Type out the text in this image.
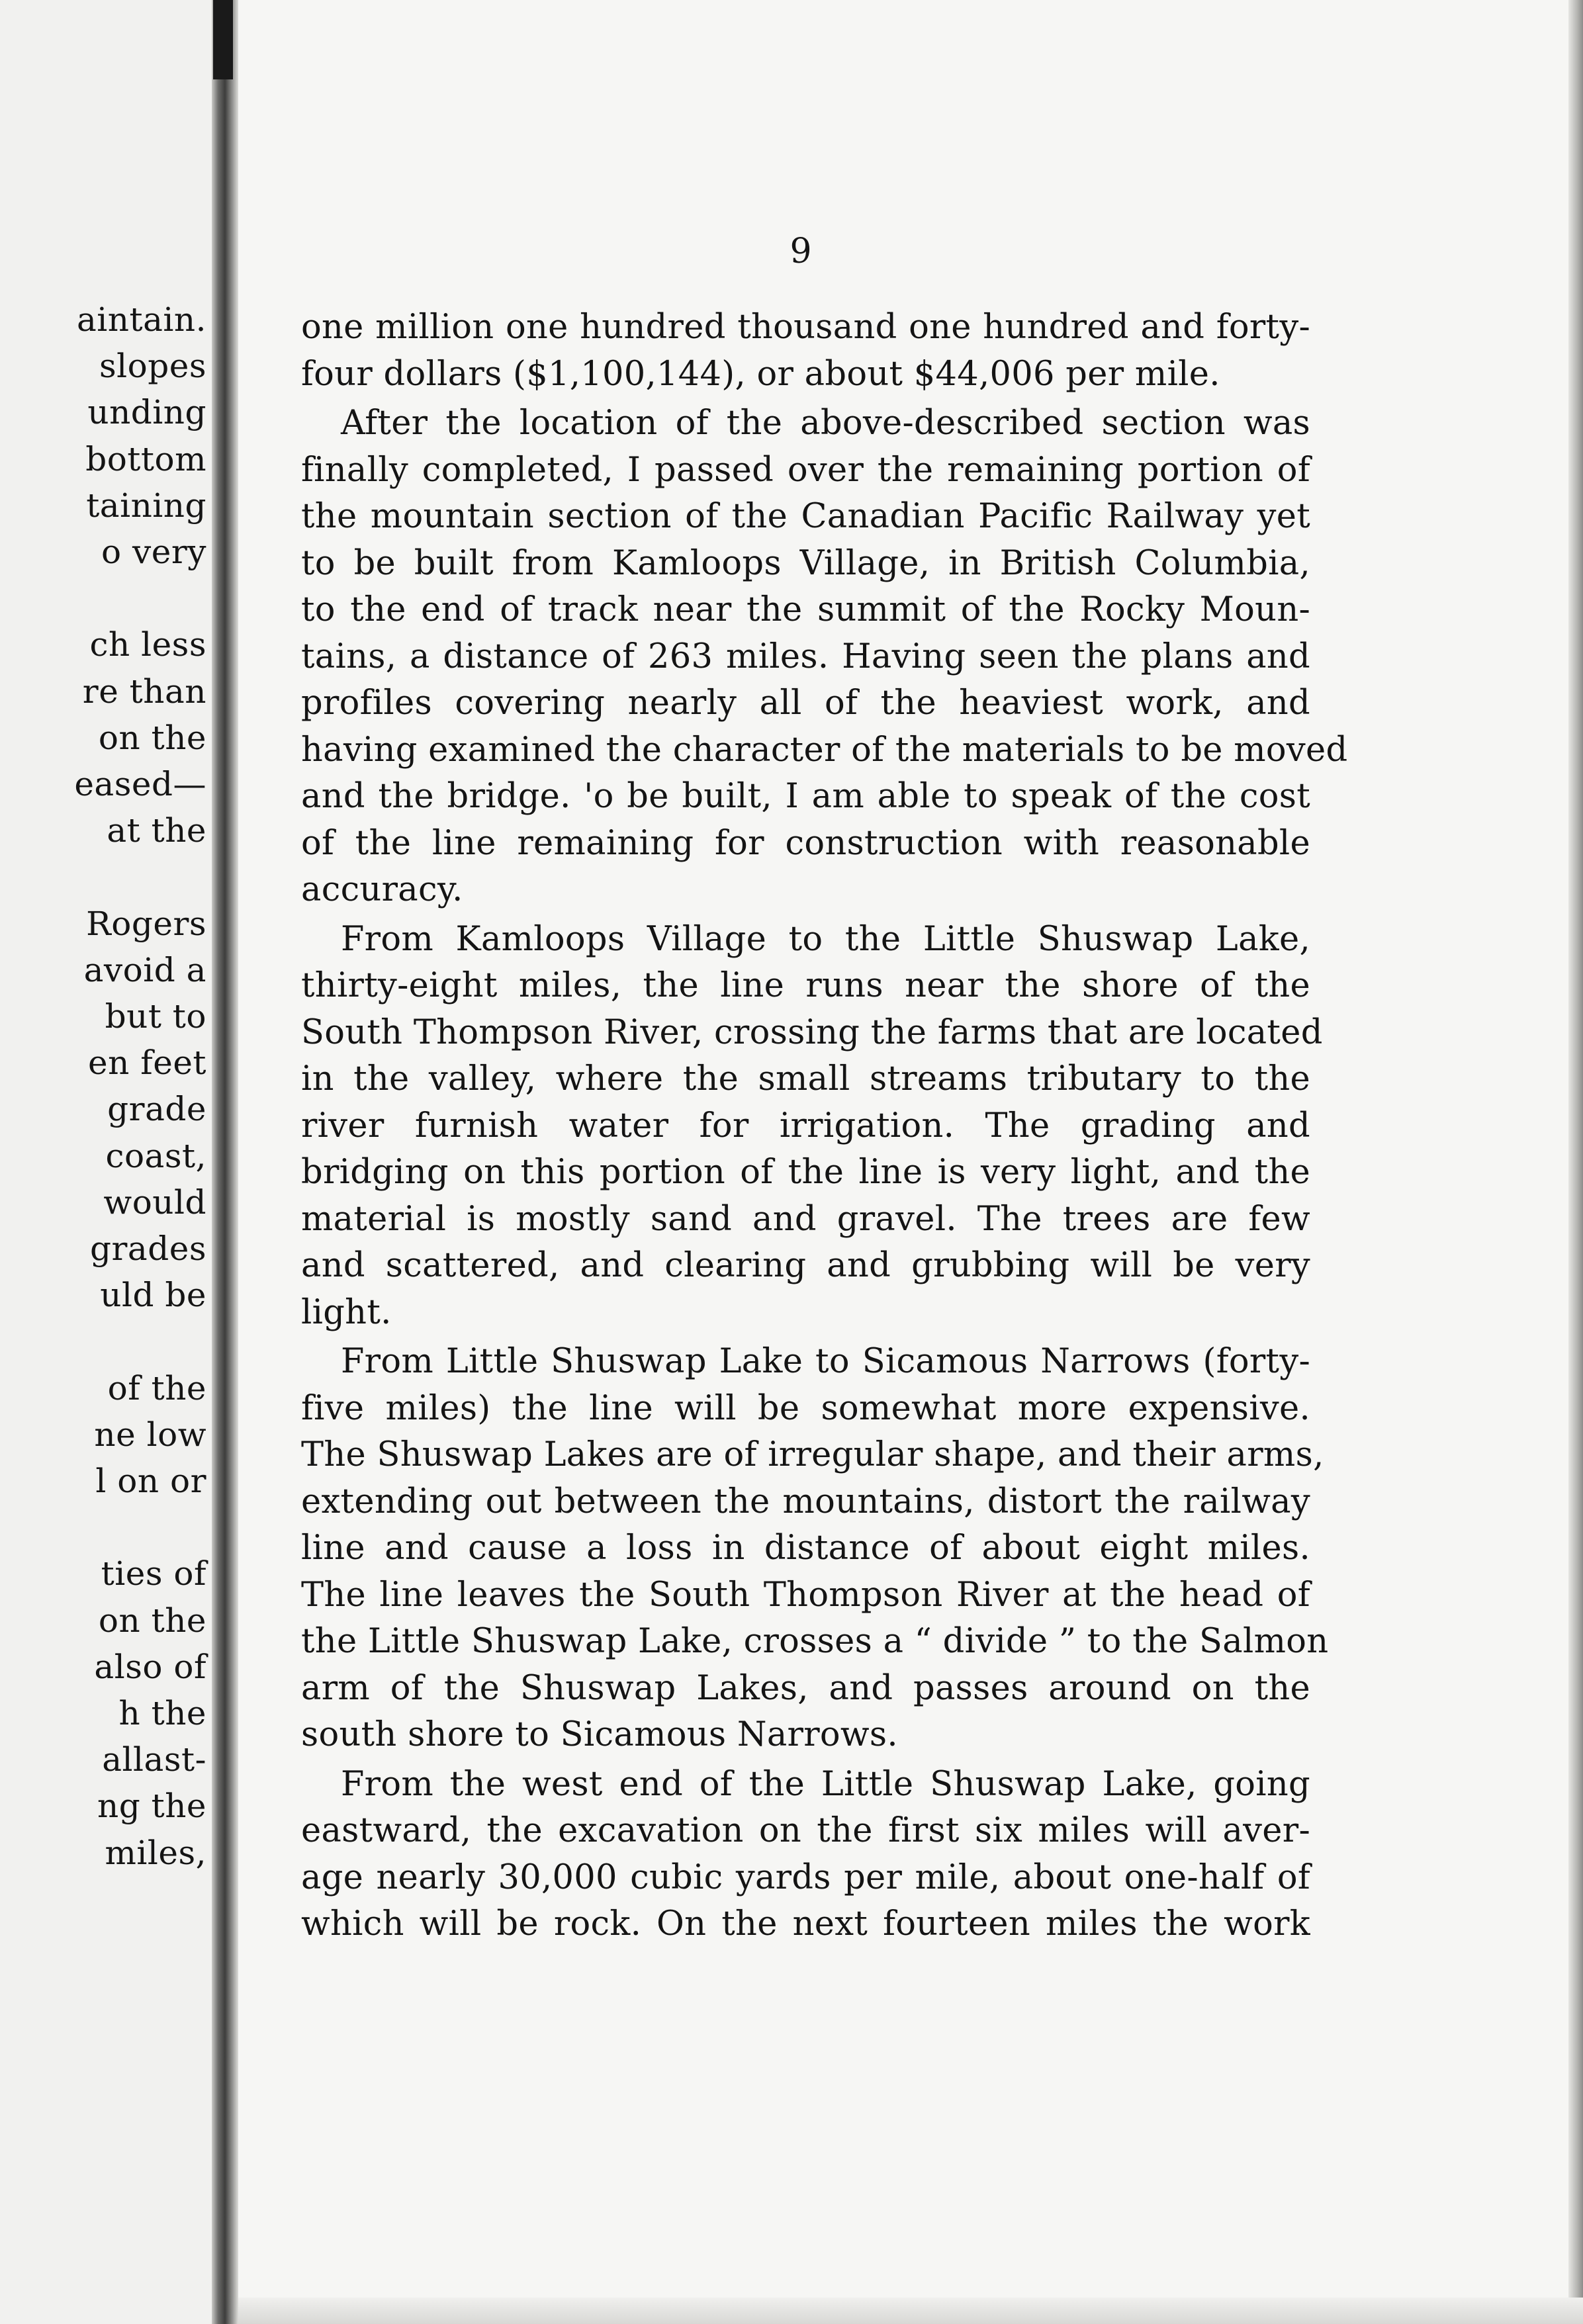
aintain.
slopes
unding
bottom
taining
o very
ch less
re than
on the
eased—
at the
Rogers
avoid a
but to
en feet
grade
coast,
would
grades
uld be
of the
ne low
l on or
ties of
on the
also of
h the
allast-
ng the
miles,
9
one million one hundred thousand one hundred and forty-
four dollars ($1,100,144), or about $44,006 per mile.
After the location of the above-described section was
finally completed, I passed over the remaining portion of
the mountain section of the Canadian Pacific Railway yet
to be built from Kamloops Village, in British Columbia,
to the end of track near the summit of the Rocky Moun-
tains, a distance of 263 miles. Having seen the plans and
profiles covering nearly all of the heaviest work, and
having examined the character of the materials to be moved
and the bridge. 'o be built, I am able to speak of the cost
of the line remaining for construction with reasonable
accuracy.
From Kamloops Village to the Little Shuswap Lake,
thirty-eight miles, the line runs near the shore of the
South Thompson River, crossing the farms that are located
in the valley, where the small streams tributary to the
river furnish water for irrigation. The grading and
bridging on this portion of the line is very light, and the
material is mostly sand and gravel. The trees are few
and scattered, and clearing and grubbing will be very
light.
From Little Shuswap Lake to Sicamous Narrows (forty-
five miles) the line will be somewhat more expensive.
The Shuswap Lakes are of irregular shape, and their arms,
extending out between the mountains, distort the railway
line and cause a loss in distance of about eight miles.
The line leaves the South Thompson River at the head of
the Little Shuswap Lake, crosses a “ divide ” to the Salmon
arm of the Shuswap Lakes, and passes around on the
south shore to Sicamous Narrows.
From the west end of the Little Shuswap Lake, going
eastward, the excavation on the first six miles will aver-
age nearly 30,000 cubic yards per mile, about one-half of
which will be rock. On the next fourteen miles the work
